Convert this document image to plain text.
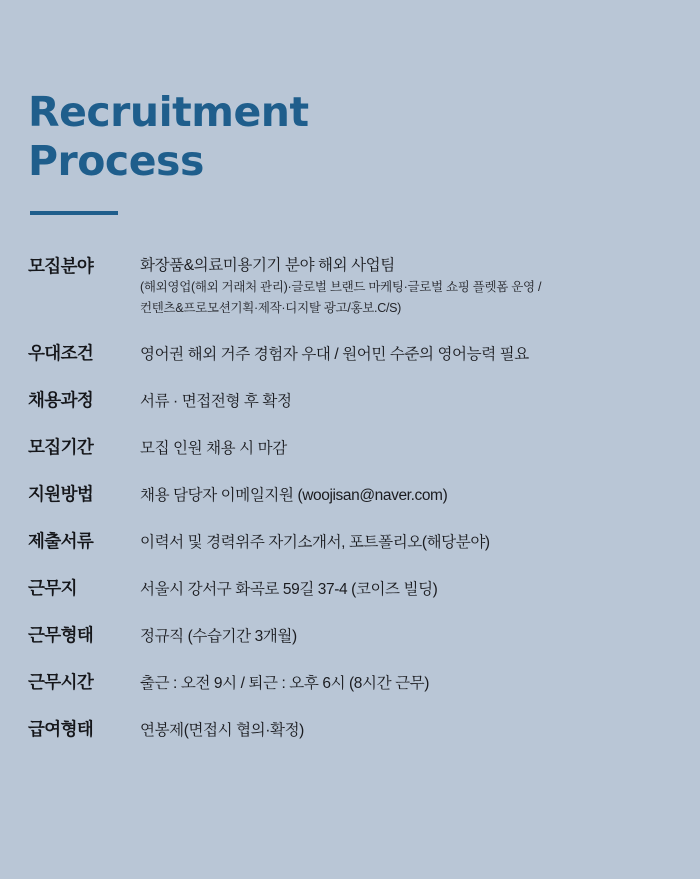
Recruitment
Process
모집분야	화장품&의료미용기기 분야 해외 사업팀
(해외영업(해외 거래처 관리)·글로벌 브랜드 마케팅·글로벌 쇼핑 플렛폼 운영 /
컨텐츠&프로모션기획·제작·디지탈 광고/홍보.C/S)
우대조건	영어권 해외 거주 경험자 우대 / 원어민 수준의 영어능력 필요
채용과정	서류 · 면접전형 후 확정
모집기간	모집 인원 채용 시 마감
지원방법	채용 담당자 이메일지원 (woojisan@naver.com)
제출서류	이력서 및 경력위주 자기소개서, 포트폴리오(해당분야)
근무지	서울시 강서구 화곡로 59길 37-4 (코이즈 빌딩)
근무형태	정규직 (수습기간 3개월)
근무시간	출근 : 오전 9시 / 퇴근 : 오후 6시 (8시간 근무)
급여형태	연봉제(면접시 협의·확정)
